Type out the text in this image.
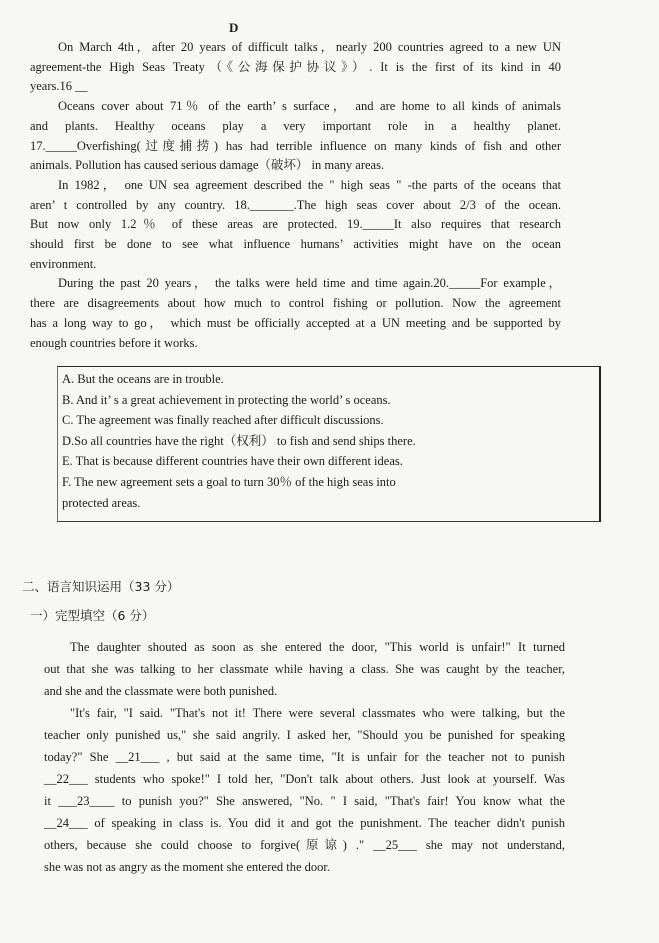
D
On March 4th，after 20 years of difficult talks，nearly 200 countries agreed to a new UN
agreement-the High Seas Treaty（《公海保护协议》）. It is the first of its kind in 40
years.16 __
Oceans cover about 71％ of the earth’ s surface， and are home to all kinds of animals
and plants. Healthy oceans play a very important role in a healthy planet.
17._____Overfishing(过度捕捞) has had terrible influence on many kinds of fish and other
animals. Pollution has caused serious damage（破坏） in many areas.
In 1982， one UN sea agreement described the " high seas " -the parts of the oceans that
aren’ t controlled by any country. 18._______.The high seas cover about 2/3 of the ocean.
But now only 1.2％ of these areas are protected. 19._____It also requires that research
should first be done to see what influence humans’ activities might have on the ocean
environment.
During the past 20 years， the talks were held time and time again.20._____For example，
there are disagreements about how much to control fishing or pollution. Now the agreement
has a long way to go， which must be officially accepted at a UN meeting and be supported by
enough countries before it works.
A. But the oceans are in trouble.
B. And it’ s a great achievement in protecting the world’ s oceans.
C. The agreement was finally reached after difficult discussions.
D.So all countries have the right（权利） to fish and send ships there.
E. That is because different countries have their own different ideas.
F. The new agreement sets a goal to turn 30％ of the high seas into
protected areas.
二、语言知识运用（33 分）
一）完型填空（6 分）
The daughter shouted as soon as she entered the door, "This world is unfair!" It turned
out that she was talking to her classmate while having a class. She was caught by the teacher,
and she and the classmate were both punished.
"It's fair, "I said. "That's not it! There were several classmates who were talking, but the
teacher only punished us," she said angrily. I asked her, "Should you be punished for speaking
today?" She __21___ , but said at the same time, "It is unfair for the teacher not to punish
__22___ students who spoke!" I told her, "Don't talk about others. Just look at yourself. Was
it ___23____ to punish you?" She answered, "No. " I said, "That's fair! You know what the
__24___ of speaking in class is. You did it and got the punishment. The teacher didn't punish
others, because she could choose to forgive(原谅) ." __25___ she may not understand,
she was not as angry as the moment she entered the door.
